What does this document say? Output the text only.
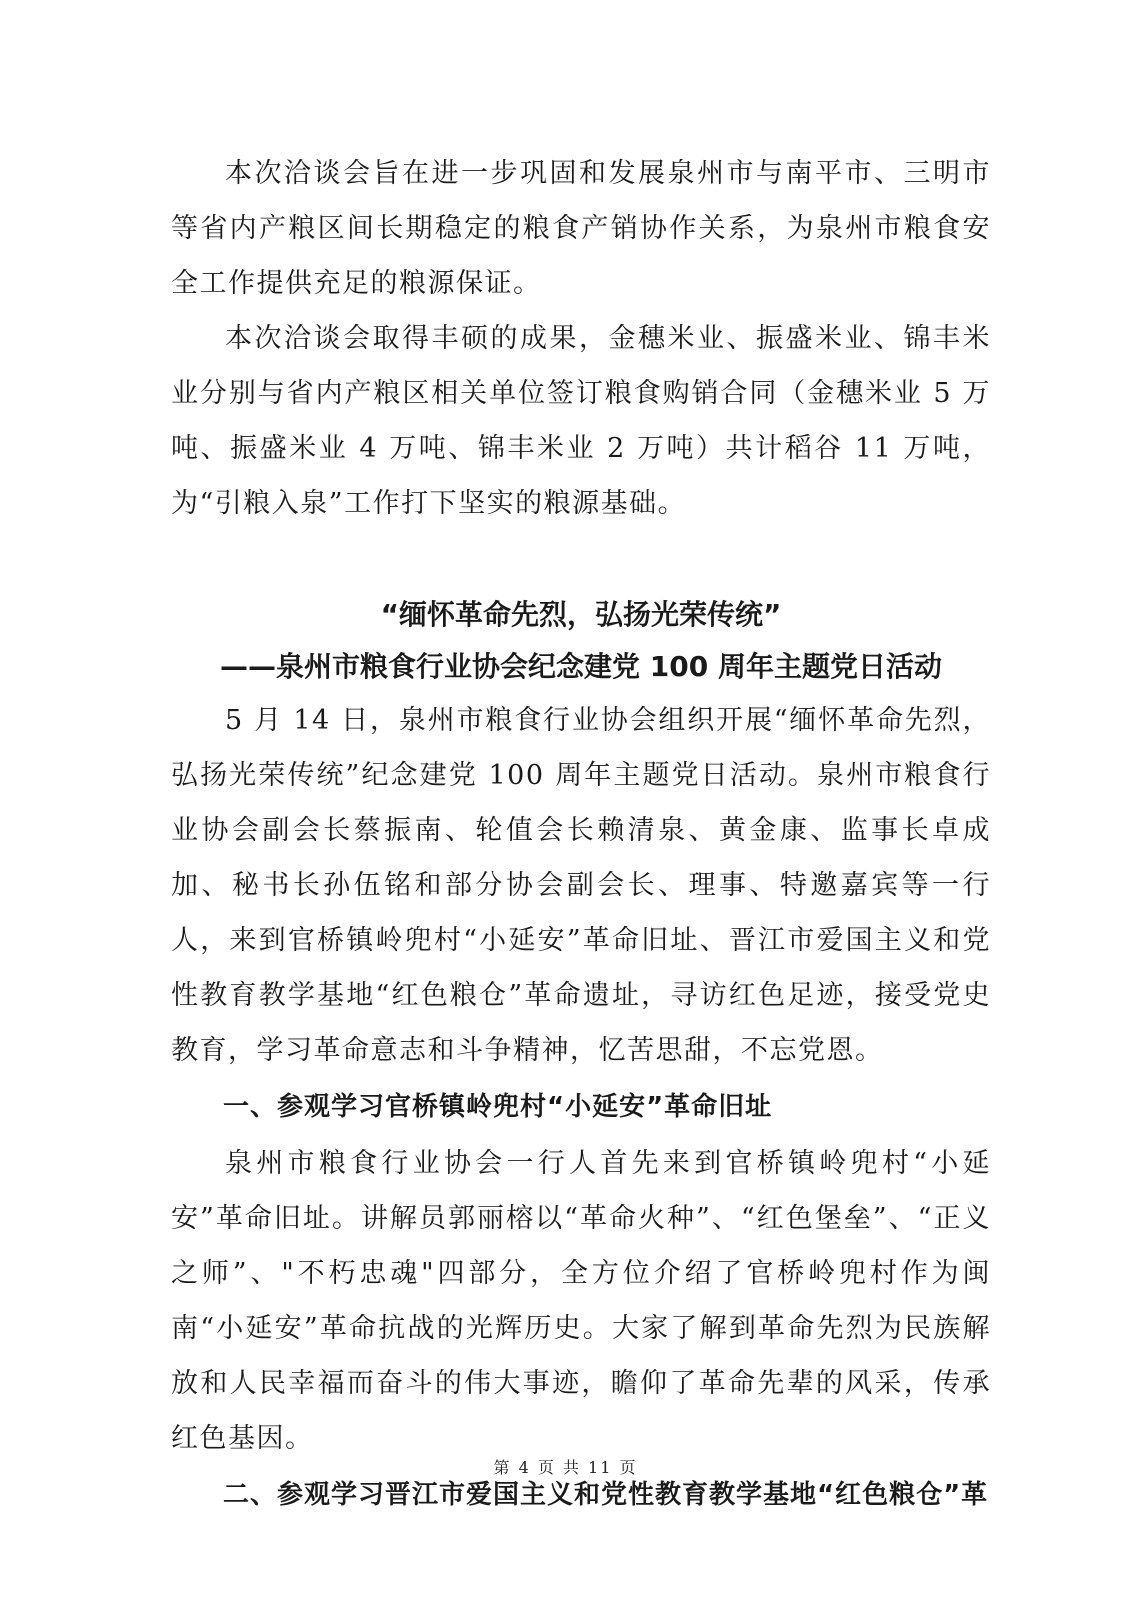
本次洽谈会旨在进一步巩固和发展泉州市与南平市、三明市等省内产粮区间长期稳定的粮食产销协作关系，为泉州市粮食安全工作提供充足的粮源保证。

本次洽谈会取得丰硕的成果，金穗米业、振盛米业、锦丰米业分别与省内产粮区相关单位签订粮食购销合同（金穗米业 5 万吨、振盛米业 4 万吨、锦丰米业 2 万吨）共计稻谷 11 万吨，为“引粮入泉”工作打下坚实的粮源基础。

“缅怀革命先烈，弘扬光荣传统”
——泉州市粮食行业协会纪念建党 100 周年主题党日活动

5 月 14 日，泉州市粮食行业协会组织开展“缅怀革命先烈，弘扬光荣传统”纪念建党 100 周年主题党日活动。泉州市粮食行业协会副会长蔡振南、轮值会长赖清泉、黄金康、监事长卓成加、秘书长孙伍铭和部分协会副会长、理事、特邀嘉宾等一行人，来到官桥镇岭兜村“小延安”革命旧址、晋江市爱国主义和党性教育教学基地“红色粮仓”革命遗址，寻访红色足迹，接受党史教育，学习革命意志和斗争精神，忆苦思甜，不忘党恩。

一、参观学习官桥镇岭兜村“小延安”革命旧址

泉州市粮食行业协会一行人首先来到官桥镇岭兜村“小延安”革命旧址。讲解员郭丽榕以“革命火种”、“红色堡垒”、“正义之师”、"不朽忠魂"四部分，全方位介绍了官桥岭兜村作为闽南“小延安”革命抗战的光辉历史。大家了解到革命先烈为民族解放和人民幸福而奋斗的伟大事迹，瞻仰了革命先辈的风采，传承红色基因。

二、参观学习晋江市爱国主义和党性教育教学基地“红色粮仓”革
第 4 页 共 11 页
